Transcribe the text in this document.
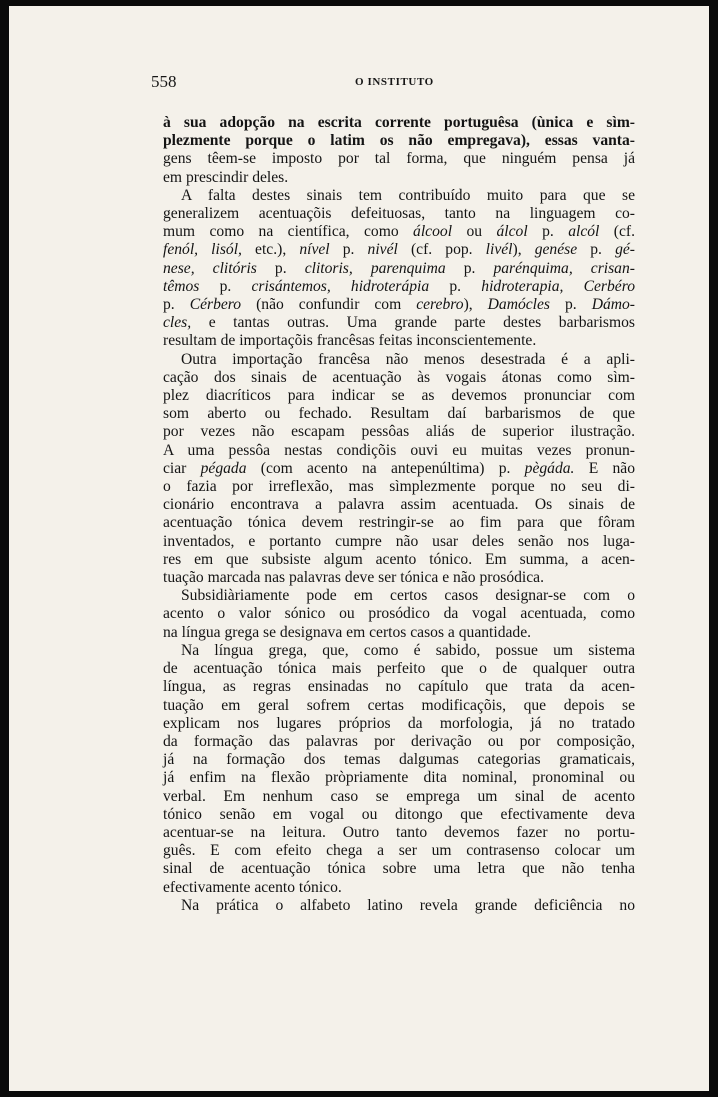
558	O INSTITUTO
à sua adopção na escrita corrente portuguêsa (ùnica e sìm-
plezmente porque o latim os não empregava), essas vanta-
gens têem-se imposto por tal forma, que ninguém pensa já
em prescindir deles.
A falta destes sinais tem contribuído muito para que se
generalizem acentuaçõis defeituosas, tanto na linguagem co-
mum como na científica, como álcool ou álcol p. alcól (cf.
fenól, lisól, etc.), nível p. nivél (cf. pop. livél), genése p. gé-
nese, clitóris p. clitoris, parenquima p. parénquima, crisan-
têmos p. crisántemos, hidroterápia p. hidroterapia, Cerbéro
p. Cérbero (não confundir com cerebro), Damócles p. Dámo-
cles, e tantas outras. Uma grande parte destes barbarismos
resultam de importaçõis francêsas feitas inconscientemente.
Outra importação francêsa não menos desestrada é a apli-
cação dos sinais de acentuação às vogais átonas como sìm-
plez diacríticos para indicar se as devemos pronunciar com
som aberto ou fechado. Resultam daí barbarismos de que
por vezes não escapam pessôas aliás de superior ilustração.
A uma pessôa nestas condiçõis ouvi eu muitas vezes pronun-
ciar pégada (com acento na antepenúltima) p. pègáda. E não
o fazia por irreflexão, mas sìmplezmente porque no seu di-
cionário encontrava a palavra assim acentuada. Os sinais de
acentuação tónica devem restringir-se ao fim para que fôram
inventados, e portanto cumpre não usar deles senão nos luga-
res em que subsiste algum acento tónico. Em summa, a acen-
tuação marcada nas palavras deve ser tónica e não prosódica.
Subsidiàriamente pode em certos casos designar-se com o
acento o valor sónico ou prosódico da vogal acentuada, como
na língua grega se designava em certos casos a quantidade.
Na língua grega, que, como é sabido, possue um sistema
de acentuação tónica mais perfeito que o de qualquer outra
língua, as regras ensinadas no capítulo que trata da acen-
tuação em geral sofrem certas modificaçõis, que depois se
explicam nos lugares próprios da morfologia, já no tratado
da formação das palavras por derivação ou por composição,
já na formação dos temas dalgumas categorias gramaticais,
já enfim na flexão pròpriamente dita nominal, pronominal ou
verbal. Em nenhum caso se emprega um sinal de acento
tónico senão em vogal ou ditongo que efectivamente deva
acentuar-se na leitura. Outro tanto devemos fazer no portu-
guês. E com efeito chega a ser um contrasenso colocar um
sinal de acentuação tónica sobre uma letra que não tenha
efectivamente acento tónico.
Na prática o alfabeto latino revela grande deficiência no
